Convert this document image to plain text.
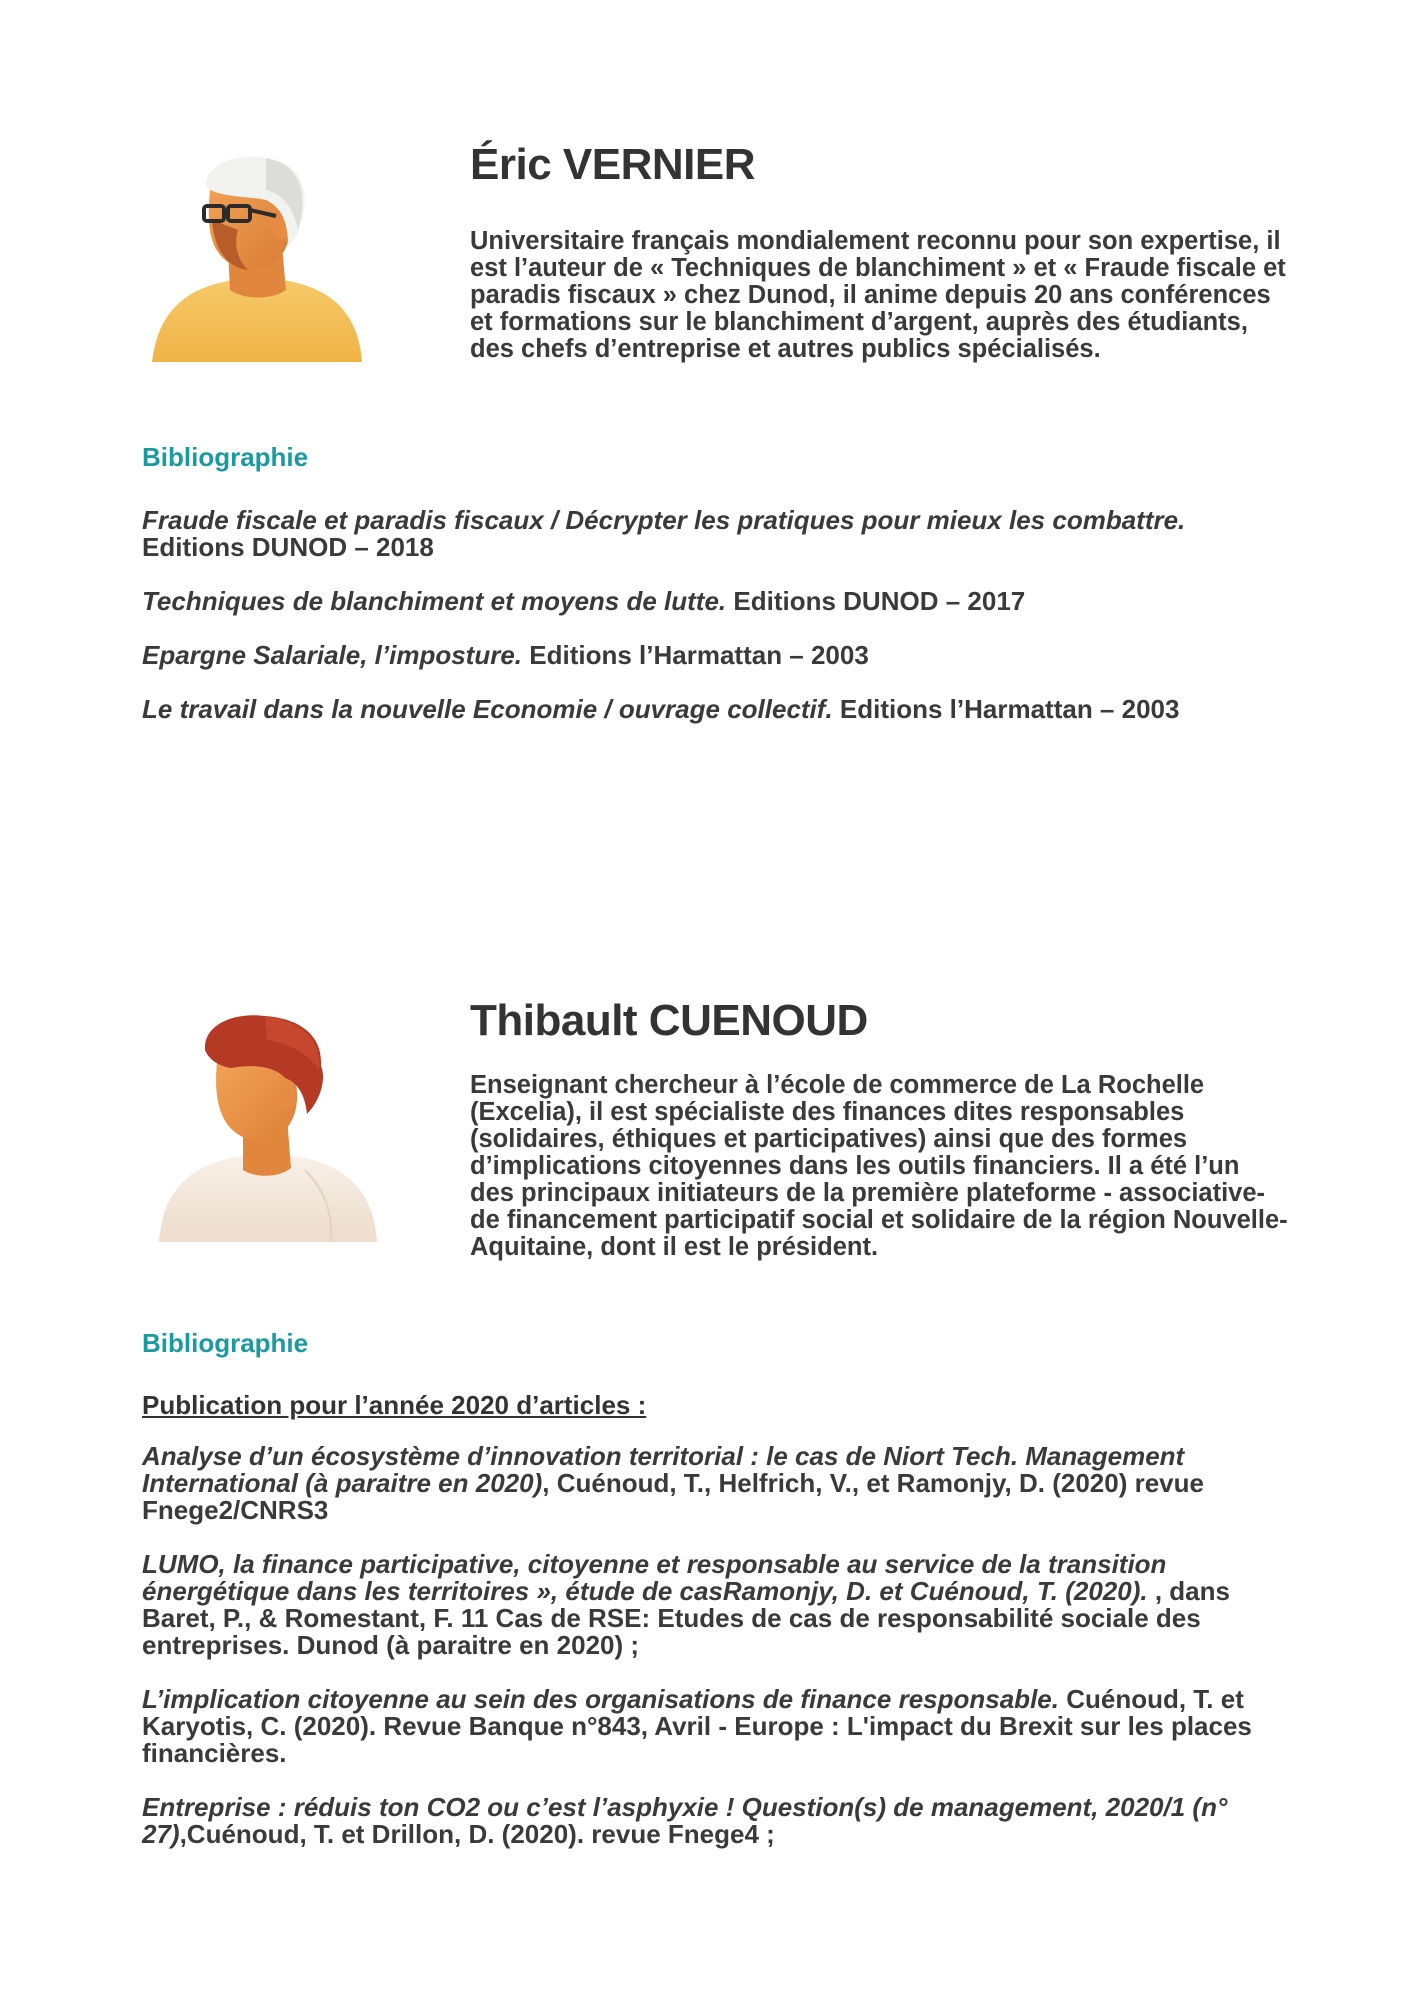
Éric VERNIER

Universitaire français mondialement reconnu pour son expertise, il est l’auteur de « Techniques de blanchiment » et « Fraude fiscale et paradis fiscaux » chez Dunod, il anime depuis 20 ans conférences et formations sur le blanchiment d’argent, auprès des étudiants, des chefs d’entreprise et autres publics spécialisés.

Bibliographie
Fraude fiscale et paradis fiscaux / Décrypter les pratiques pour mieux les combattre. Editions DUNOD – 2018
Techniques de blanchiment et moyens de lutte. Editions DUNOD – 2017
Epargne Salariale, l’imposture. Editions l’Harmattan – 2003
Le travail dans la nouvelle Economie / ouvrage collectif. Editions l’Harmattan – 2003
Thibault CUENOUD

Enseignant chercheur à l’école de commerce de La Rochelle (Excelia), il est spécialiste des finances dites responsables (solidaires, éthiques et participatives) ainsi que des formes d’implications citoyennes dans les outils financiers. Il a été l’un des principaux initiateurs de la première plateforme - associative- de financement participatif social et solidaire de la région Nouvelle-Aquitaine, dont il est le président.

Bibliographie

Publication pour l’année 2020 d’articles :

Analyse d’un écosystème d’innovation territorial : le cas de Niort Tech. Management International (à paraitre en 2020), Cuénoud, T., Helfrich, V., et Ramonjy, D. (2020) revue Fnege2/CNRS3
LUMO, la finance participative, citoyenne et responsable au service de la transition énergétique dans les territoires », étude de casRamonjy, D. et Cuénoud, T. (2020). , dans Baret, P., & Romestant, F. 11 Cas de RSE: Etudes de cas de responsabilité sociale des entreprises. Dunod (à paraitre en 2020) ;
L’implication citoyenne au sein des organisations de finance responsable. Cuénoud, T. et Karyotis, C. (2020). Revue Banque n°843, Avril - Europe : L'impact du Brexit sur les places financières.
Entreprise : réduis ton CO2 ou c’est l’asphyxie ! Question(s) de management, 2020/1 (n° 27),Cuénoud, T. et Drillon, D. (2020). revue Fnege4 ;
